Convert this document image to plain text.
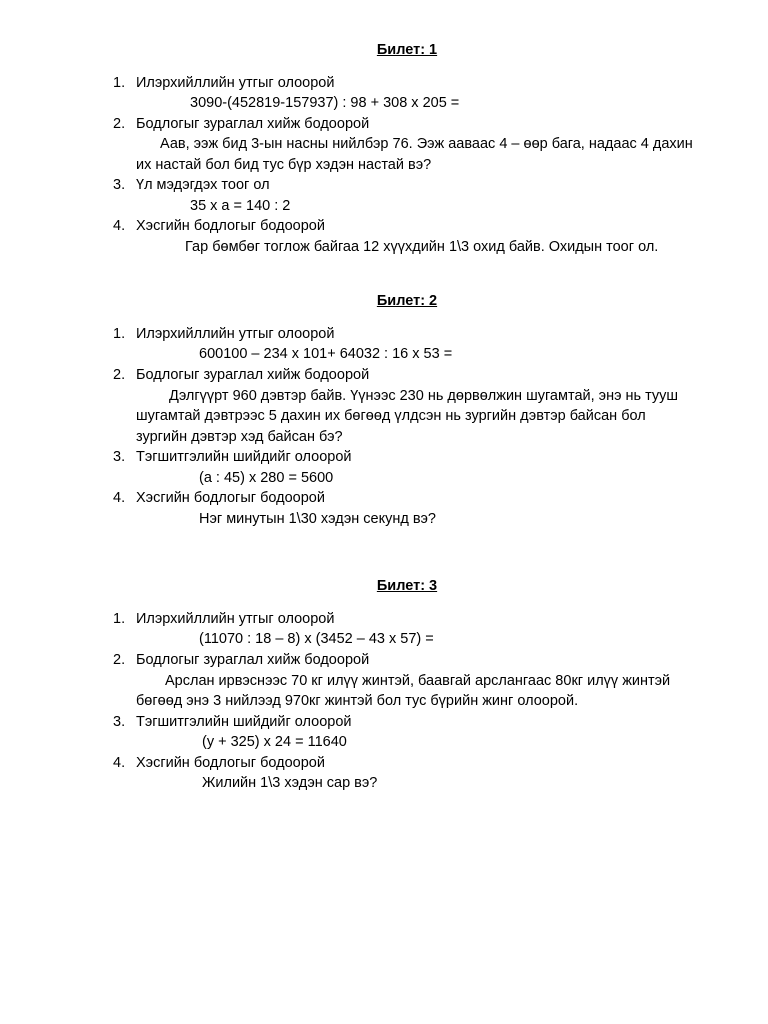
Билет: 1
1. Илэрхийллийн утгыг олоорой
3090-(452819-157937) : 98 + 308 x 205 =
2. Бодлогыг зураглал хийж бодоорой
Аав, ээж бид 3-ын насны нийлбэр 76. Ээж ааваас 4 – өөр бага, надаас 4 дахин
их настай бол бид тус бүр хэдэн настай вэ?
3. Үл мэдэгдэх тоог ол
35 x a = 140 : 2
4. Хэсгийн бодлогыг бодоорой
Гар бөмбөг тоглож байгаа 12 хүүхдийн 1\3 охид байв. Охидын тоог ол.
Билет: 2
1. Илэрхийллийн утгыг олоорой
600100 – 234 x 101+ 64032 : 16 x 53 =
2. Бодлогыг зураглал хийж бодоорой
Дэлгүүрт 960 дэвтэр байв. Үүнээс 230 нь дөрвөлжин шугамтай, энэ нь тууш
шугамтай дэвтрээс 5 дахин их бөгөөд үлдсэн нь зургийн дэвтэр байсан бол
зургийн дэвтэр хэд байсан бэ?
3. Тэгшитгэлийн шийдийг олоорой
(a : 45) x 280 = 5600
4. Хэсгийн бодлогыг бодоорой
Нэг минутын 1\30 хэдэн секунд вэ?
Билет: 3
1. Илэрхийллийн утгыг олоорой
(11070 : 18 – 8) x (3452 – 43 x 57) =
2. Бодлогыг зураглал хийж бодоорой
Арслан ирвэснээс 70 кг илүү жинтэй, баавгай арслангаас 80кг илүү жинтэй
бөгөөд энэ 3 нийлээд 970кг жинтэй бол тус бүрийн жинг олоорой.
3. Тэгшитгэлийн шийдийг олоорой
(у + 325) x 24 = 11640
4. Хэсгийн бодлогыг бодоорой
Жилийн 1\3 хэдэн сар вэ?
